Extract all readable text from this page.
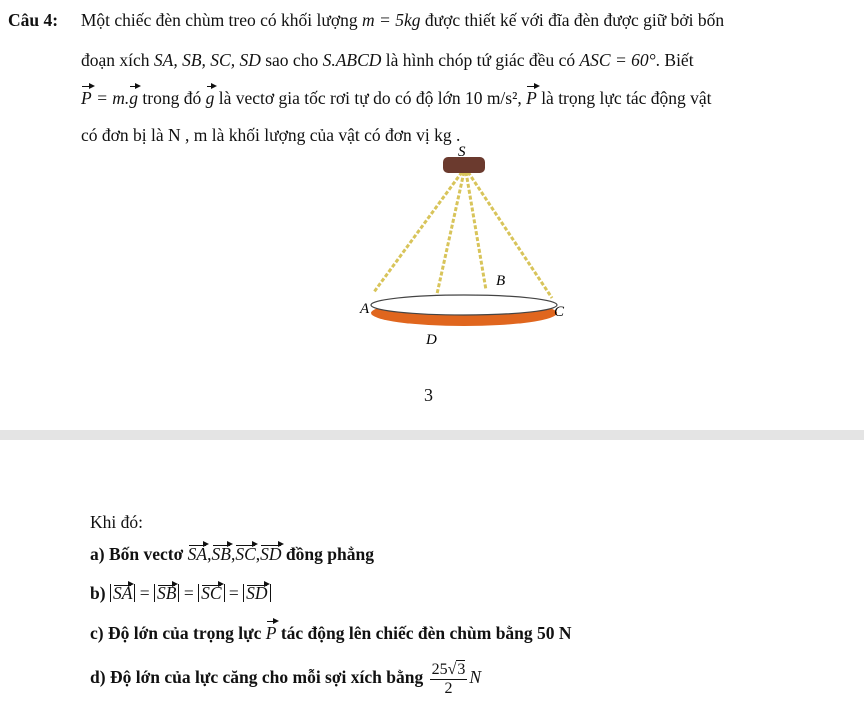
Câu 4: Một chiếc đèn chùm treo có khối lượng m = 5kg được thiết kế với đĩa đèn được giữ bởi bốn
đoạn xích SA, SB, SC, SD sao cho S.ABCD là hình chóp tứ giác đều có ASC = 60°. Biết
P = m.g trong đó g là vectơ gia tốc rơi tự do có độ lớn 10 m/s², P là trọng lực tác động vật
có đơn bị là N , m là khối lượng của vật có đơn vị kg .
S
B
A	C
D
3
Khi đó:
a) Bốn vectơ SA,SB,SC,SD đồng phẳng
b) SA = SB = SC = SD
c) Độ lớn của trọng lực P tác động lên chiếc đèn chùm bằng 50 N
d) Độ lớn của lực căng cho mỗi sợi xích bằng $\frac{25√3}{2}$ N
